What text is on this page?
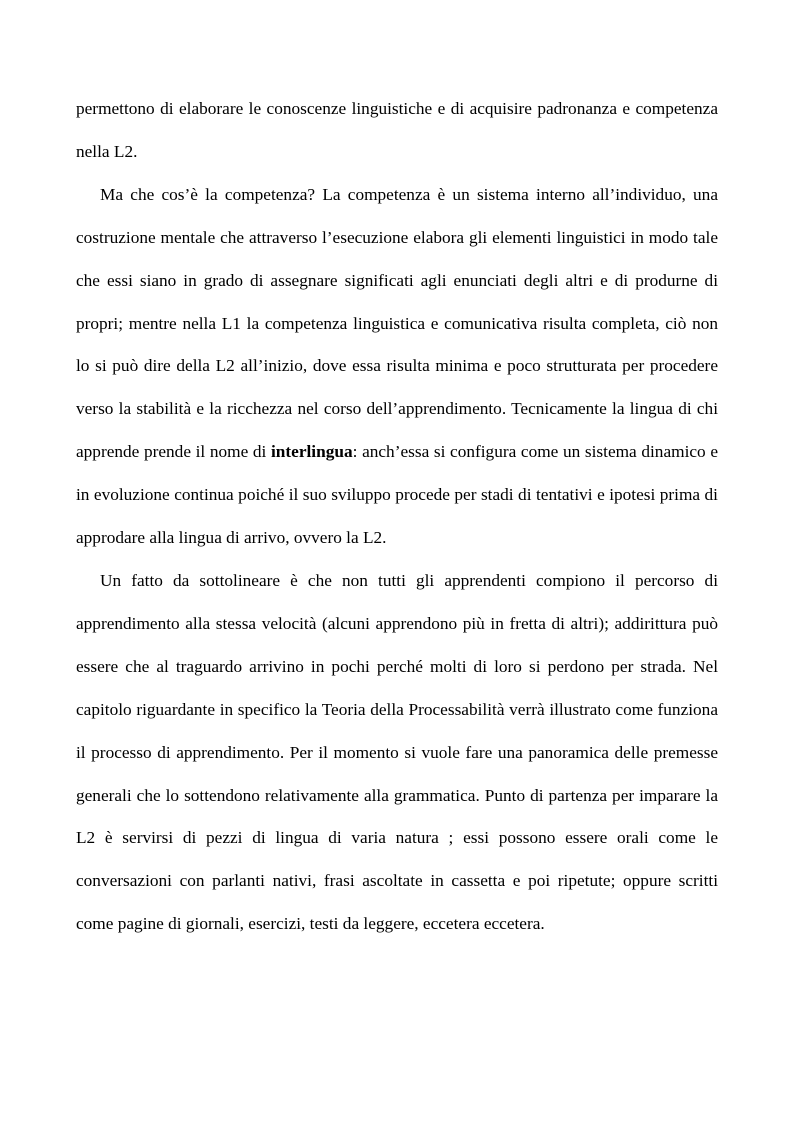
permettono di elaborare le conoscenze linguistiche e di acquisire padronanza e competenza nella L2.

Ma che cos’è la competenza? La competenza è un sistema interno all’individuo, una costruzione mentale che attraverso l’esecuzione elabora gli elementi linguistici in modo tale che essi siano in grado di assegnare significati agli enunciati degli altri e di produrne di propri; mentre nella L1 la competenza linguistica e comunicativa risulta completa, ciò non lo si può dire della L2 all’inizio, dove essa risulta minima e poco strutturata per procedere verso la stabilità e la ricchezza nel corso dell’apprendimento. Tecnicamente la lingua di chi apprende prende il nome di interlingua: anch’essa si configura come un sistema dinamico e in evoluzione continua poiché il suo sviluppo procede per stadi di tentativi e ipotesi prima di approdare alla lingua di arrivo, ovvero la L2.

Un fatto da sottolineare è che non tutti gli apprendenti compiono il percorso di apprendimento alla stessa velocità (alcuni apprendono più in fretta di altri); addirittura può essere che al traguardo arrivino in pochi perché molti di loro si perdono per strada. Nel capitolo riguardante in specifico la Teoria della Processabilità verrà illustrato come funziona il processo di apprendimento. Per il momento si vuole fare una panoramica delle premesse generali che lo sottendono relativamente alla grammatica. Punto di partenza per imparare la L2 è servirsi di pezzi di lingua di varia natura ; essi possono essere orali come le conversazioni con parlanti nativi, frasi ascoltate in cassetta e poi ripetute; oppure scritti come pagine di giornali, esercizi, testi da leggere, eccetera eccetera.
